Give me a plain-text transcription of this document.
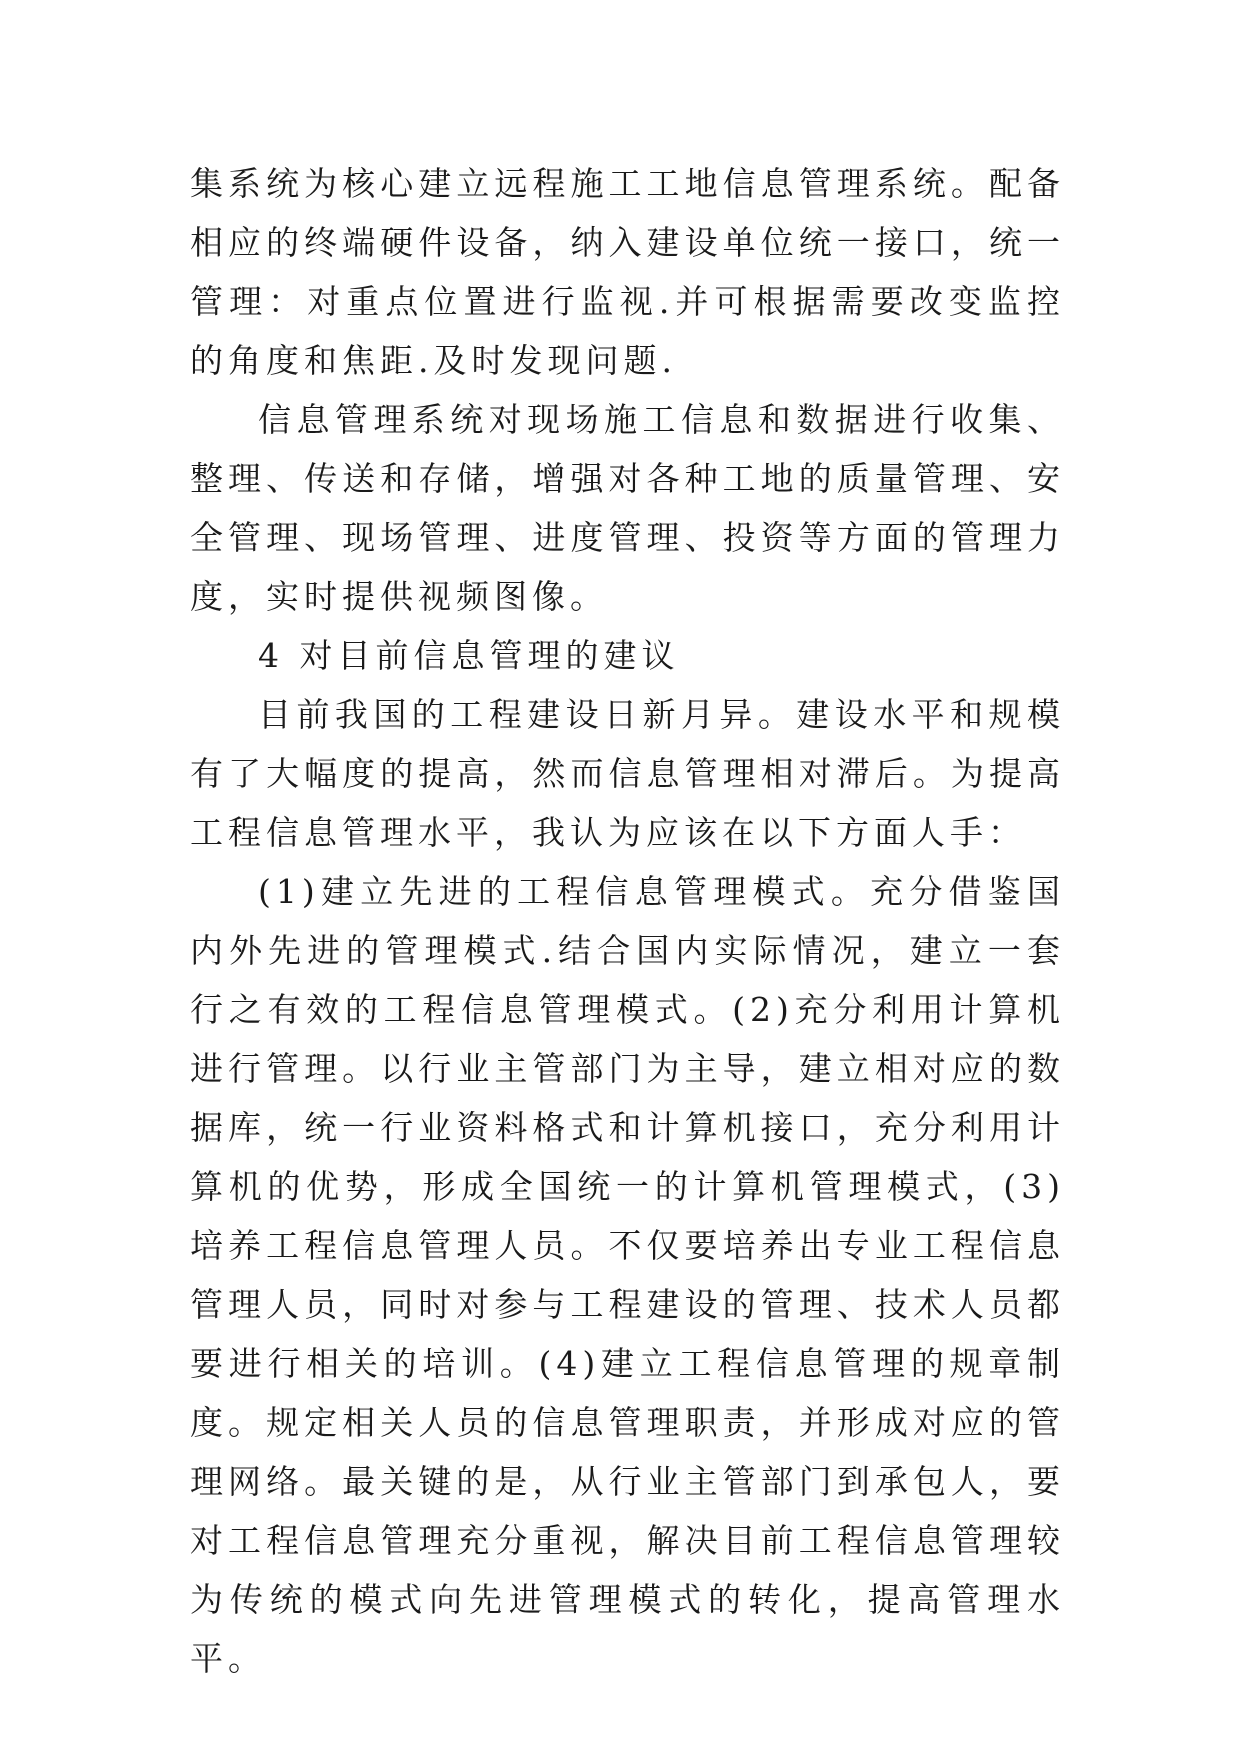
集系统为核心建立远程施工工地信息管理系统。配备相应的终端硬件设备，纳入建设单位统一接口，统一管理：对重点位置进行监视.并可根据需要改变监控的角度和焦距.及时发现问题.

信息管理系统对现场施工信息和数据进行收集、整理、传送和存储，增强对各种工地的质量管理、安全管理、现场管理、进度管理、投资等方面的管理力度，实时提供视频图像。

4 对目前信息管理的建议

目前我国的工程建设日新月异。建设水平和规模有了大幅度的提高，然而信息管理相对滞后。为提高工程信息管理水平，我认为应该在以下方面人手：

(1)建立先进的工程信息管理模式。充分借鉴国内外先进的管理模式.结合国内实际情况，建立一套行之有效的工程信息管理模式。(2)充分利用计算机进行管理。以行业主管部门为主导，建立相对应的数据库，统一行业资料格式和计算机接口，充分利用计算机的优势，形成全国统一的计算机管理模式，(3)培养工程信息管理人员。不仅要培养出专业工程信息管理人员，同时对参与工程建设的管理、技术人员都要进行相关的培训。(4)建立工程信息管理的规章制度。规定相关人员的信息管理职责，并形成对应的管理网络。最关键的是，从行业主管部门到承包人，要对工程信息管理充分重视，解决目前工程信息管理较为传统的模式向先进管理模式的转化，提高管理水平。
